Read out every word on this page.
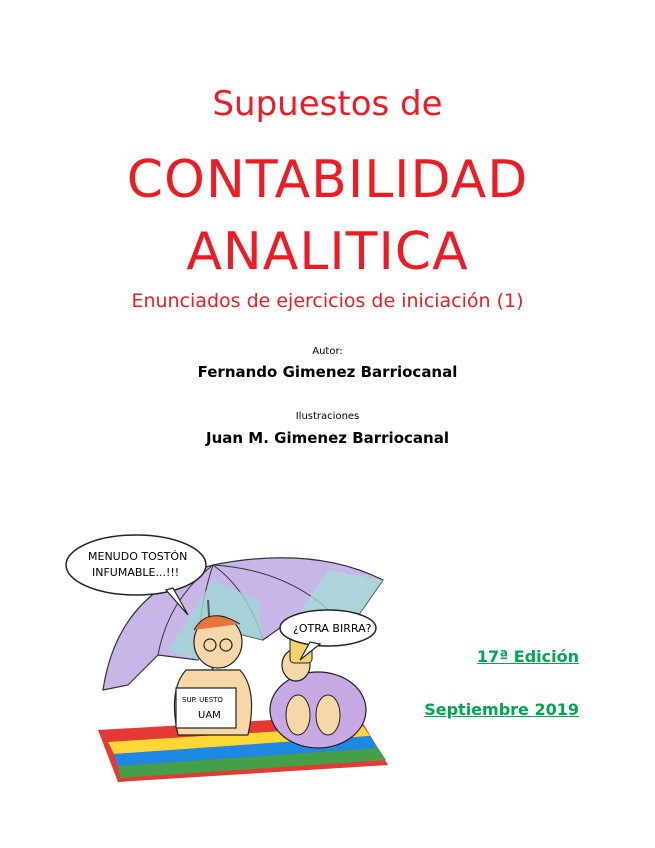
Supuestos de
CONTABILIDAD
ANALITICA
Enunciados de ejercicios de iniciación (1)
Autor:
Fernando Gimenez Barriocanal
Ilustraciones
Juan M. Gimenez Barriocanal
SUP. UESTO
UAM
MENUDO TOSTÓN
INFUMABLE...!!!
¿OTRA BIRRA?
17ª Edición
Septiembre 2019
